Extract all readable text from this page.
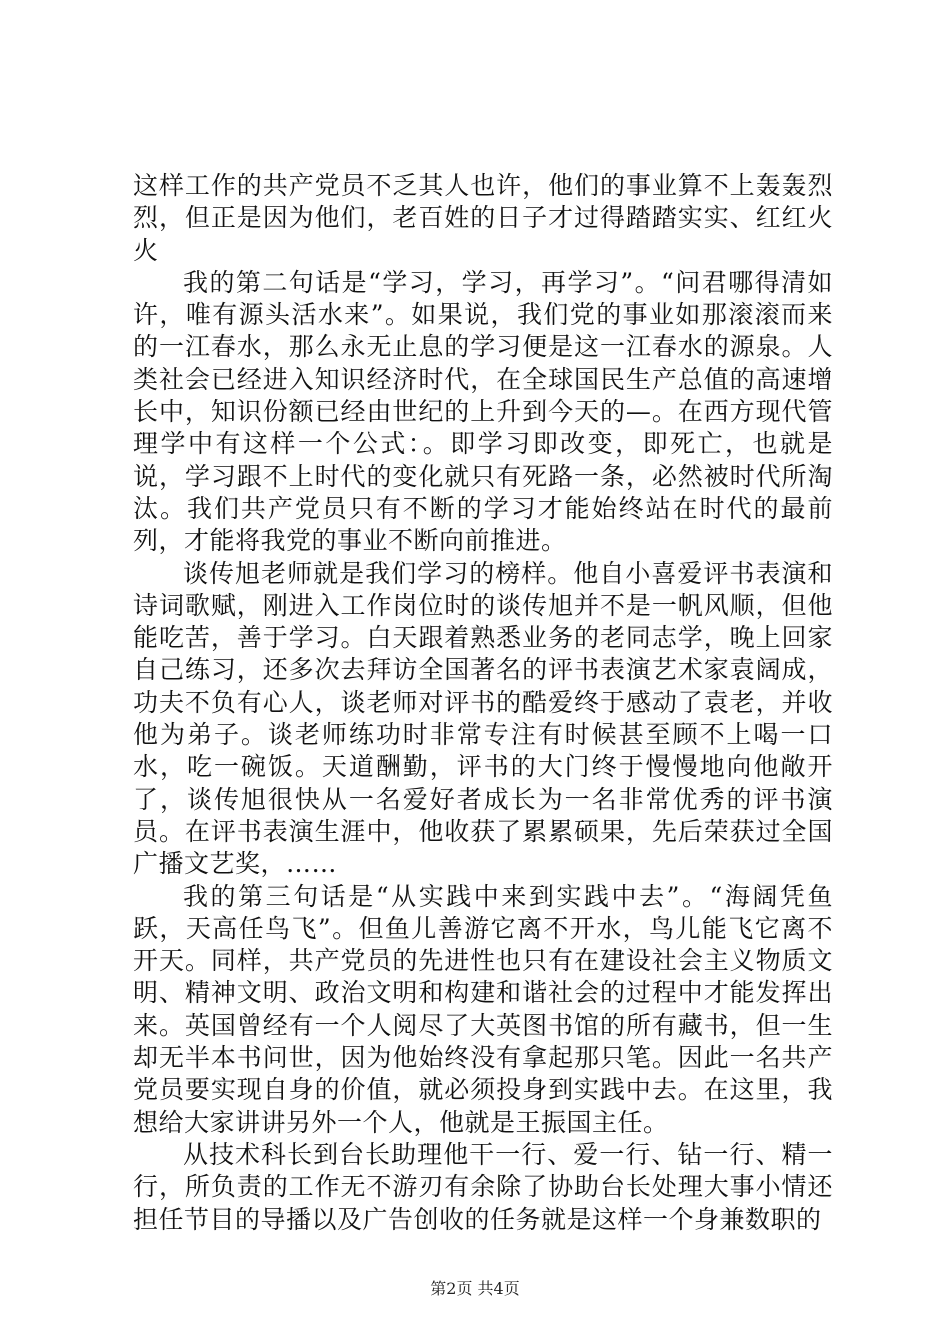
这样工作的共产党员不乏其人也许，他们的事业算不上轰轰烈烈，但正是因为他们，老百姓的日子才过得踏踏实实、红红火火

我的第二句话是“学习，学习，再学习”。“问君哪得清如许，唯有源头活水来”。如果说，我们党的事业如那滚滚而来的一江春水，那么永无止息的学习便是这一江春水的源泉。人类社会已经进入知识经济时代，在全球国民生产总值的高速增长中，知识份额已经由世纪的上升到今天的—。在西方现代管理学中有这样一个公式：。即学习即改变，即死亡，也就是说，学习跟不上时代的变化就只有死路一条，必然被时代所淘汰。我们共产党员只有不断的学习才能始终站在时代的最前列，才能将我党的事业不断向前推进。

谈传旭老师就是我们学习的榜样。他自小喜爱评书表演和诗词歌赋，刚进入工作岗位时的谈传旭并不是一帆风顺，但他能吃苦，善于学习。白天跟着熟悉业务的老同志学，晚上回家自己练习，还多次去拜访全国著名的评书表演艺术家袁阔成，功夫不负有心人，谈老师对评书的酷爱终于感动了袁老，并收他为弟子。谈老师练功时非常专注有时候甚至顾不上喝一口水，吃一碗饭。天道酬勤，评书的大门终于慢慢地向他敞开了，谈传旭很快从一名爱好者成长为一名非常优秀的评书演员。在评书表演生涯中，他收获了累累硕果，先后荣获过全国广播文艺奖，……

我的第三句话是“从实践中来到实践中去”。“海阔凭鱼跃，天高任鸟飞”。但鱼儿善游它离不开水，鸟儿能飞它离不开天。同样，共产党员的先进性也只有在建设社会主义物质文明、精神文明、政治文明和构建和谐社会的过程中才能发挥出来。英国曾经有一个人阅尽了大英图书馆的所有藏书，但一生却无半本书问世，因为他始终没有拿起那只笔。因此一名共产党员要实现自身的价值，就必须投身到实践中去。在这里，我想给大家讲讲另外一个人，他就是王振国主任。

从技术科长到台长助理他干一行、爱一行、钻一行、精一行，所负责的工作无不游刃有余除了协助台长处理大事小情还担任节目的导播以及广告创收的任务就是这样一个身兼数职的

第2页 共4页
